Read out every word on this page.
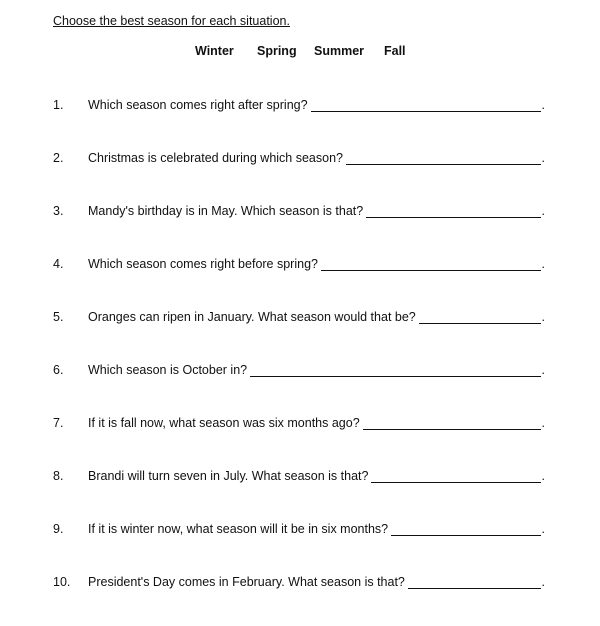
Choose the best season for each situation.
Winter Spring Summer Fall
1. Which season comes right after spring?	.
2. Christmas is celebrated during which season?	.
3. Mandy's birthday is in May. Which season is that?	.
4. Which season comes right before spring?	.
5. Oranges can ripen in January. What season would that be?	.
6. Which season is October in?	.
7. If it is fall now, what season was six months ago?	.
8. Brandi will turn seven in July. What season is that?	.
9. If it is winter now, what season will it be in six months?	.
10. President's Day comes in February. What season is that?	.
